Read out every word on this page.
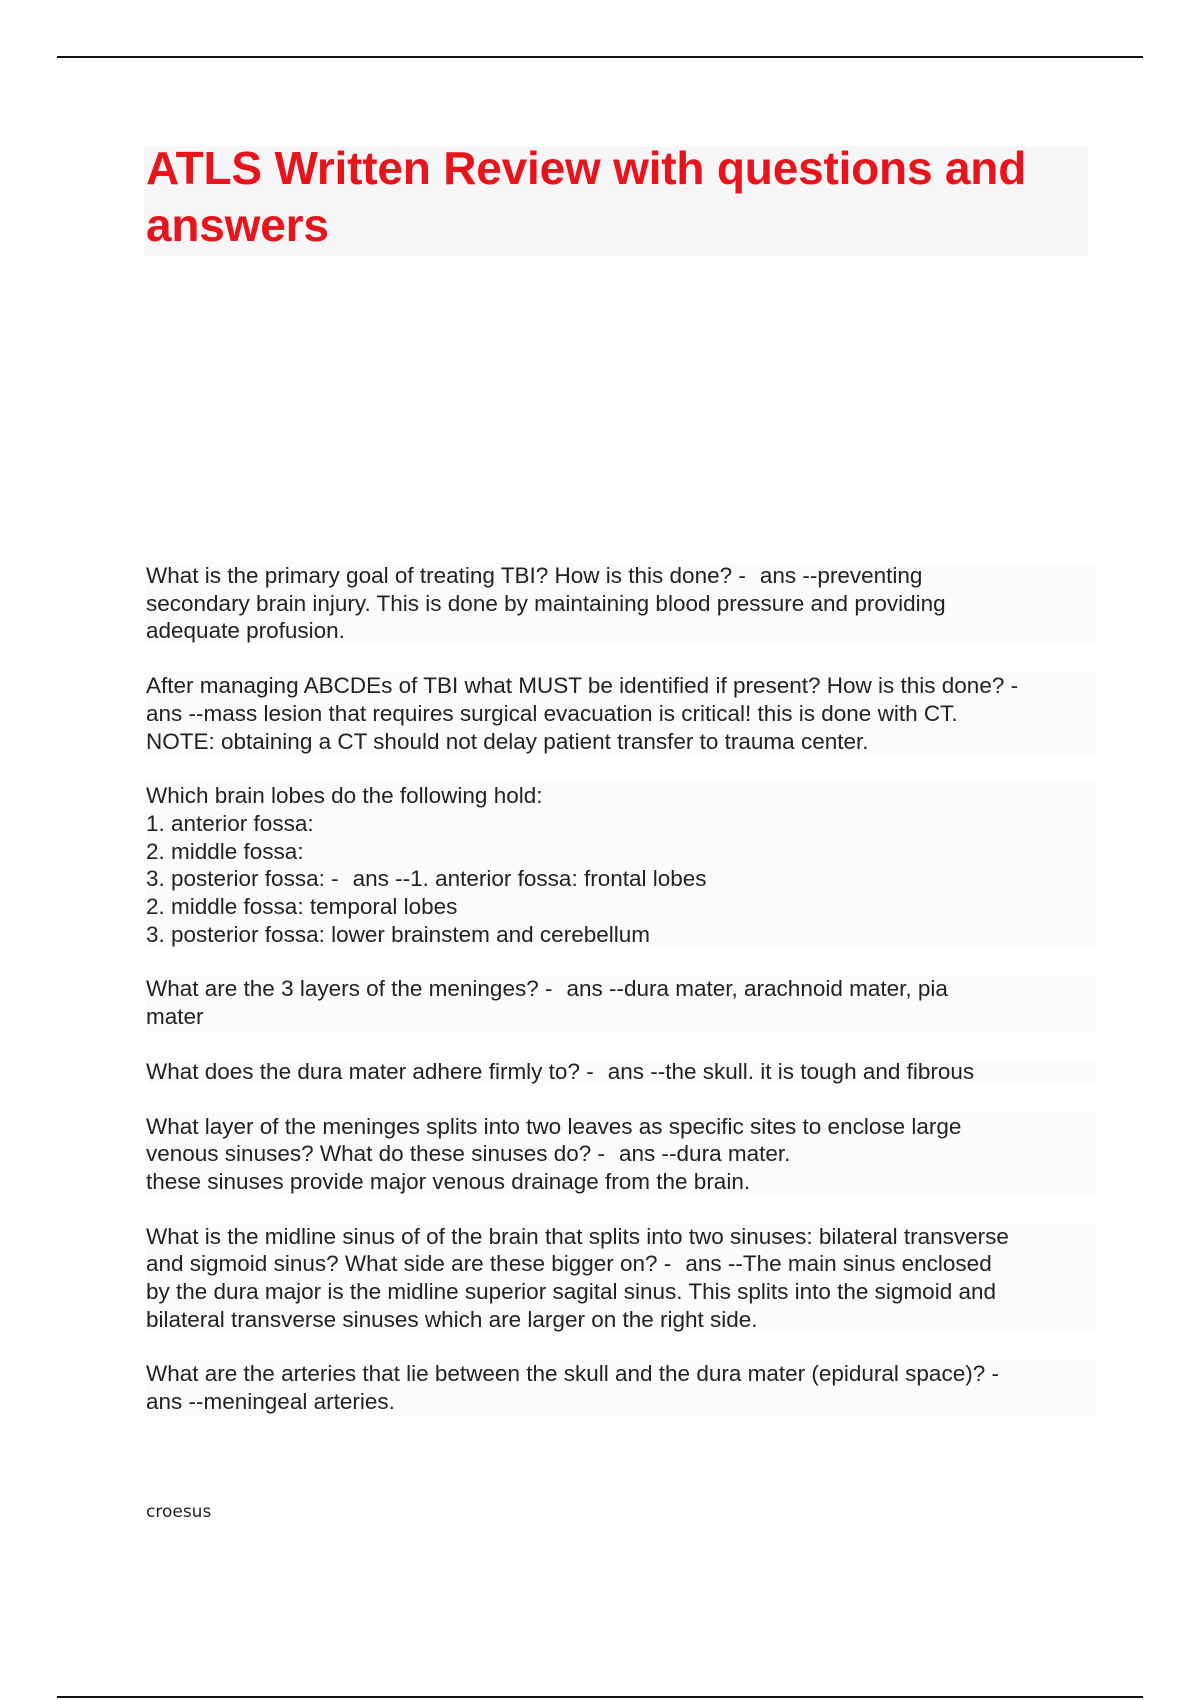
ATLS Written Review with questions and answers

What is the primary goal of treating TBI? How is this done? - ans --preventing
secondary brain injury. This is done by maintaining blood pressure and providing
adequate profusion.

After managing ABCDEs of TBI what MUST be identified if present? How is this done? -
ans --mass lesion that requires surgical evacuation is critical! this is done with CT.
NOTE: obtaining a CT should not delay patient transfer to trauma center.

Which brain lobes do the following hold:
1. anterior fossa:
2. middle fossa:
3. posterior fossa: - ans --1. anterior fossa: frontal lobes
2. middle fossa: temporal lobes
3. posterior fossa: lower brainstem and cerebellum

What are the 3 layers of the meninges? - ans --dura mater, arachnoid mater, pia
mater

What does the dura mater adhere firmly to? - ans --the skull. it is tough and fibrous

What layer of the meninges splits into two leaves as specific sites to enclose large
venous sinuses? What do these sinuses do? - ans --dura mater.
these sinuses provide major venous drainage from the brain.

What is the midline sinus of of the brain that splits into two sinuses: bilateral transverse
and sigmoid sinus? What side are these bigger on? - ans --The main sinus enclosed
by the dura major is the midline superior sagital sinus. This splits into the sigmoid and
bilateral transverse sinuses which are larger on the right side.

What are the arteries that lie between the skull and the dura mater (epidural space)? -
ans --meningeal arteries.

croesus
